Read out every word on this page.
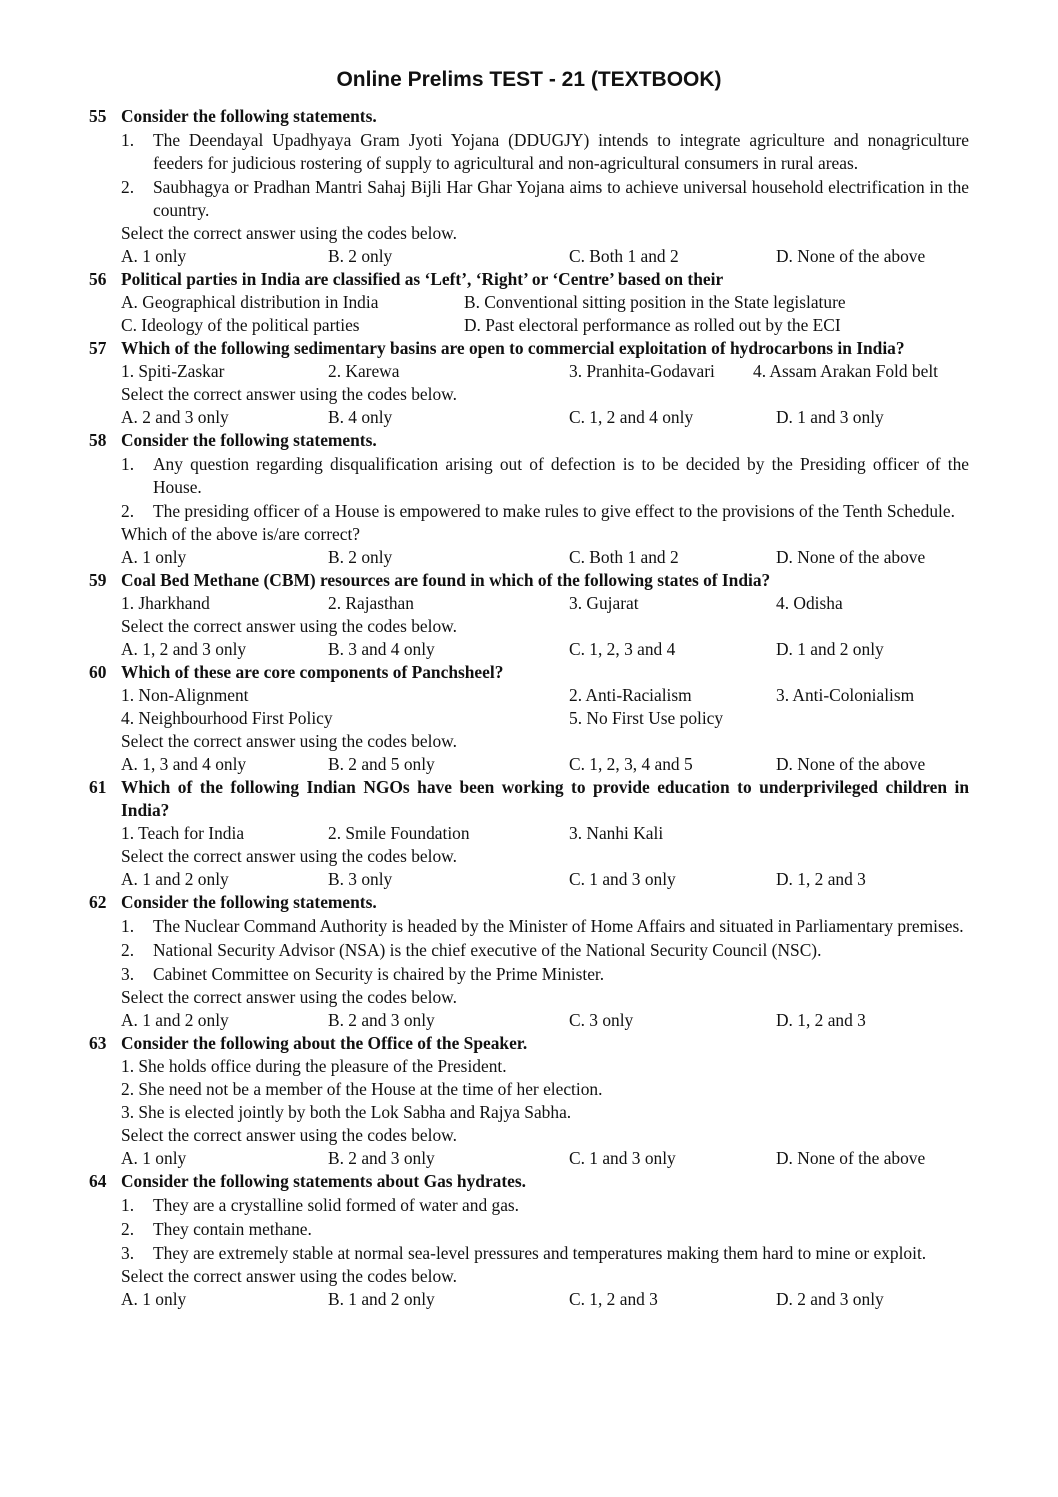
Online Prelims TEST - 21 (TEXTBOOK)
55 Consider the following statements.
1. The Deendayal Upadhyaya Gram Jyoti Yojana (DDUGJY) intends to integrate agriculture and nonagriculture feeders for judicious rostering of supply to agricultural and non-agricultural consumers in rural areas.
2. Saubhagya or Pradhan Mantri Sahaj Bijli Har Ghar Yojana aims to achieve universal household electrification in the country.
Select the correct answer using the codes below.
A. 1 only	B. 2 only	C. Both 1 and 2	D. None of the above
56 Political parties in India are classified as ‘Left’, ‘Right’ or ‘Centre’ based on their
A. Geographical distribution in India	B. Conventional sitting position in the State legislature
C. Ideology of the political parties	D. Past electoral performance as rolled out by the ECI
57 Which of the following sedimentary basins are open to commercial exploitation of hydrocarbons in India?
1. Spiti-Zaskar	2. Karewa	3. Pranhita-Godavari 4. Assam Arakan Fold belt
Select the correct answer using the codes below.
A. 2 and 3 only	B. 4 only	C. 1, 2 and 4 only	D. 1 and 3 only
58 Consider the following statements.
1. Any question regarding disqualification arising out of defection is to be decided by the Presiding officer of the House.
2. The presiding officer of a House is empowered to make rules to give effect to the provisions of the Tenth Schedule.
Which of the above is/are correct?
A. 1 only	B. 2 only	C. Both 1 and 2	D. None of the above
59 Coal Bed Methane (CBM) resources are found in which of the following states of India?
1. Jharkhand	2. Rajasthan	3. Gujarat	4. Odisha
Select the correct answer using the codes below.
A. 1, 2 and 3 only	B. 3 and 4 only	C. 1, 2, 3 and 4	D. 1 and 2 only
60 Which of these are core components of Panchsheel?
1. Non-Alignment	2. Anti-Racialism	3. Anti-Colonialism
4. Neighbourhood First Policy	5. No First Use policy
Select the correct answer using the codes below.
A. 1, 3 and 4 only	B. 2 and 5 only	C. 1, 2, 3, 4 and 5	D. None of the above
61 Which of the following Indian NGOs have been working to provide education to underprivileged children in India?
1. Teach for India	2. Smile Foundation	3. Nanhi Kali
Select the correct answer using the codes below.
A. 1 and 2 only	B. 3 only	C. 1 and 3 only	D. 1, 2 and 3
62 Consider the following statements.
1. The Nuclear Command Authority is headed by the Minister of Home Affairs and situated in Parliamentary premises.
2. National Security Advisor (NSA) is the chief executive of the National Security Council (NSC).
3. Cabinet Committee on Security is chaired by the Prime Minister.
Select the correct answer using the codes below.
A. 1 and 2 only	B. 2 and 3 only	C. 3 only	D. 1, 2 and 3
63 Consider the following about the Office of the Speaker.
1. She holds office during the pleasure of the President.
2. She need not be a member of the House at the time of her election.
3. She is elected jointly by both the Lok Sabha and Rajya Sabha.
Select the correct answer using the codes below.
A. 1 only	B. 2 and 3 only	C. 1 and 3 only	D. None of the above
64 Consider the following statements about Gas hydrates.
1. They are a crystalline solid formed of water and gas.
2. They contain methane.
3. They are extremely stable at normal sea-level pressures and temperatures making them hard to mine or exploit.
Select the correct answer using the codes below.
A. 1 only	B. 1 and 2 only	C. 1, 2 and 3	D. 2 and 3 only
